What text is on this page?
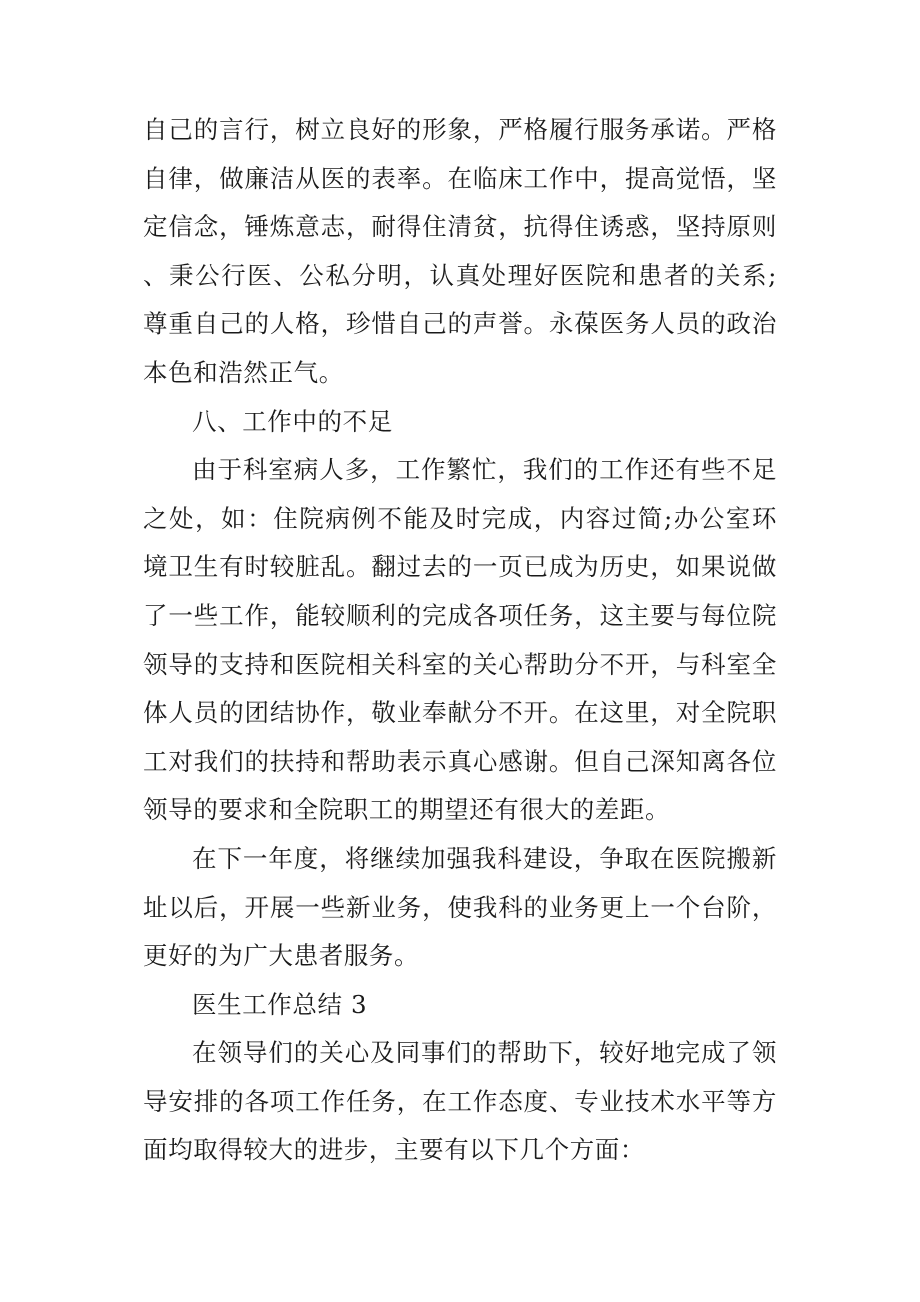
自己的言行，树立良好的形象，严格履行服务承诺。严格自律，做廉洁从医的表率。在临床工作中，提高觉悟，坚定信念，锤炼意志，耐得住清贫，抗得住诱惑，坚持原则、秉公行医、公私分明，认真处理好医院和患者的关系;尊重自己的人格，珍惜自己的声誉。永葆医务人员的政治本色和浩然正气。

八、工作中的不足

由于科室病人多，工作繁忙，我们的工作还有些不足之处，如：住院病例不能及时完成，内容过简;办公室环境卫生有时较脏乱。翻过去的一页已成为历史，如果说做了一些工作，能较顺利的完成各项任务，这主要与每位院领导的支持和医院相关科室的关心帮助分不开，与科室全体人员的团结协作，敬业奉献分不开。在这里，对全院职工对我们的扶持和帮助表示真心感谢。但自己深知离各位领导的要求和全院职工的期望还有很大的差距。

在下一年度，将继续加强我科建设，争取在医院搬新址以后，开展一些新业务，使我科的业务更上一个台阶，更好的为广大患者服务。

医生工作总结 3

在领导们的关心及同事们的帮助下，较好地完成了领导安排的各项工作任务，在工作态度、专业技术水平等方面均取得较大的进步，主要有以下几个方面：
